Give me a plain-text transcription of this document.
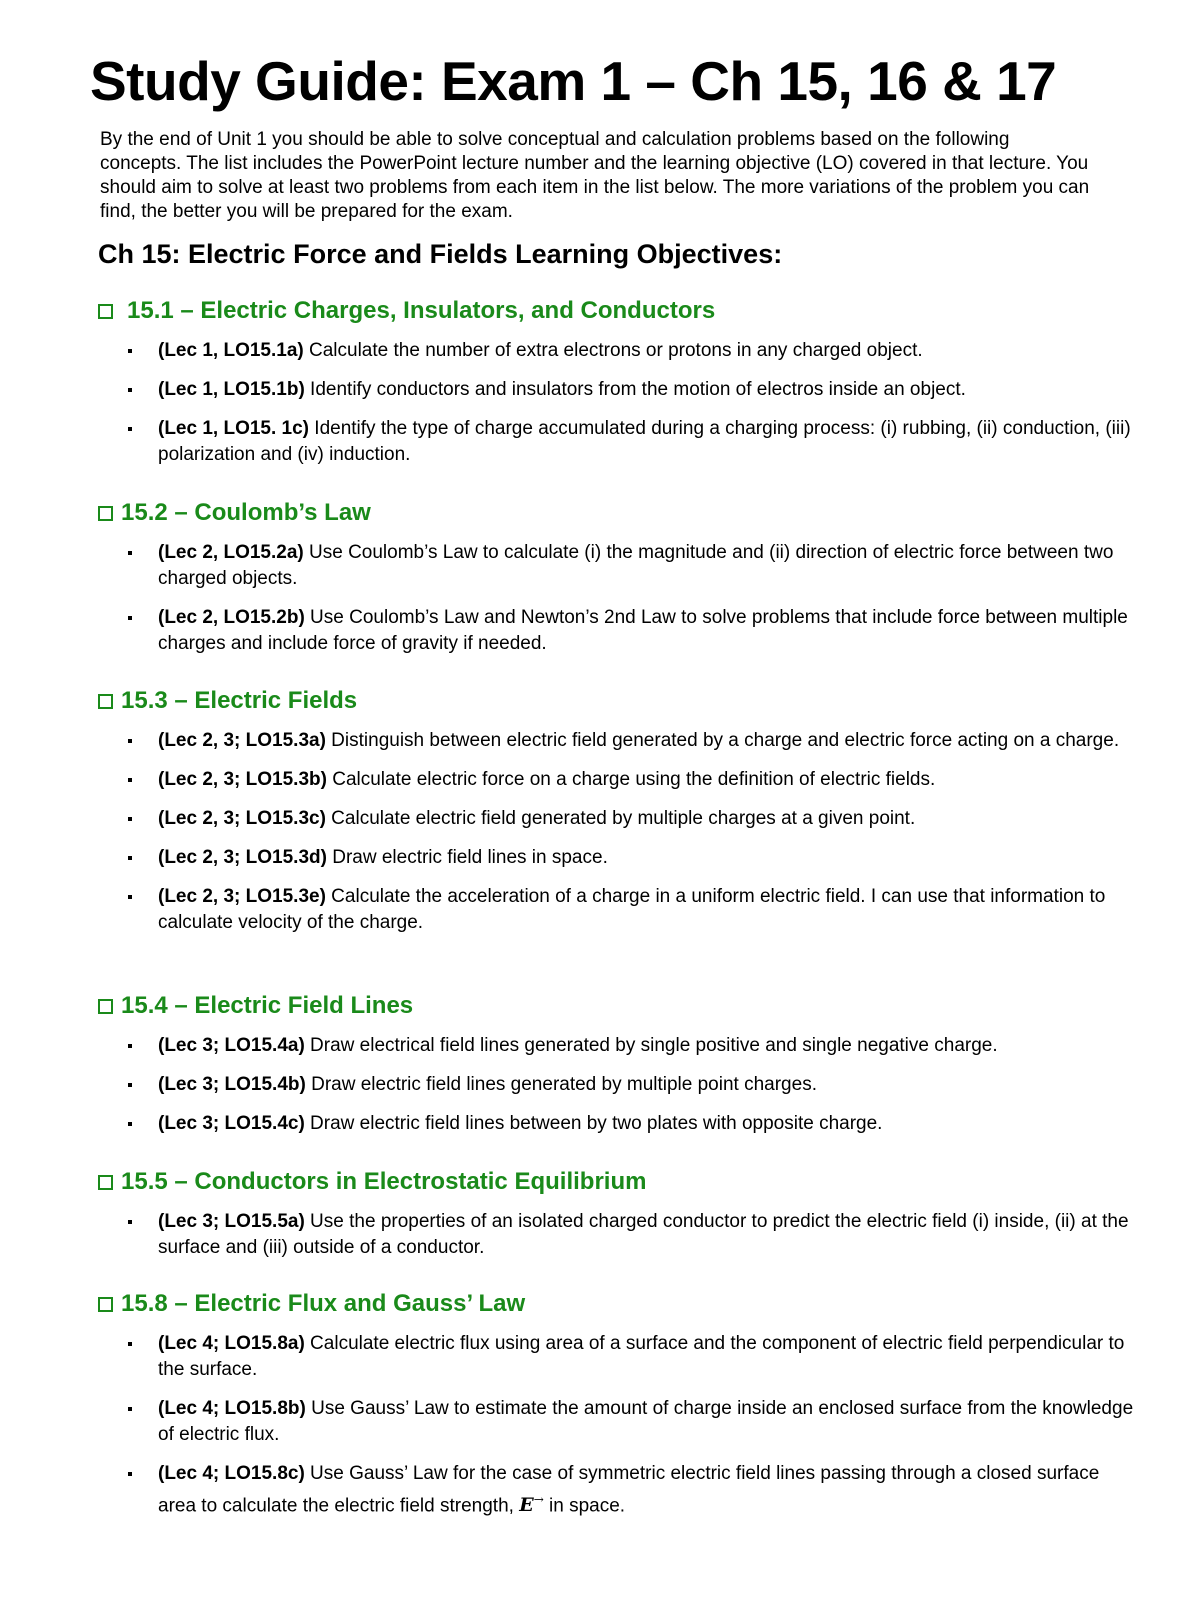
Study Guide: Exam 1 – Ch 15, 16 & 17

By the end of Unit 1 you should be able to solve conceptual and calculation problems based on the following concepts. The list includes the PowerPoint lecture number and the learning objective (LO) covered in that lecture. You should aim to solve at least two problems from each item in the list below. The more variations of the problem you can find, the better you will be prepared for the exam.

Ch 15: Electric Force and Fields Learning Objectives:
15.1 – Electric Charges, Insulators, and Conductors
(Lec 1, LO15.1a) Calculate the number of extra electrons or protons in any charged object.
(Lec 1, LO15.1b) Identify conductors and insulators from the motion of electros inside an object.
(Lec 1, LO15. 1c) Identify the type of charge accumulated during a charging process: (i) rubbing, (ii) conduction, (iii) polarization and (iv) induction.
15.2 – Coulomb’s Law
(Lec 2, LO15.2a) Use Coulomb’s Law to calculate (i) the magnitude and (ii) direction of electric force between two charged objects.
(Lec 2, LO15.2b) Use Coulomb’s Law and Newton’s 2nd Law to solve problems that include force between multiple charges and include force of gravity if needed.
15.3 – Electric Fields
(Lec 2, 3; LO15.3a) Distinguish between electric field generated by a charge and electric force acting on a charge.
(Lec 2, 3; LO15.3b) Calculate electric force on a charge using the definition of electric fields.
(Lec 2, 3; LO15.3c) Calculate electric field generated by multiple charges at a given point.
(Lec 2, 3; LO15.3d) Draw electric field lines in space.
(Lec 2, 3; LO15.3e) Calculate the acceleration of a charge in a uniform electric field. I can use that information to calculate velocity of the charge.
15.4 – Electric Field Lines
(Lec 3; LO15.4a) Draw electrical field lines generated by single positive and single negative charge.
(Lec 3; LO15.4b) Draw electric field lines generated by multiple point charges.
(Lec 3; LO15.4c) Draw electric field lines between by two plates with opposite charge.
15.5 – Conductors in Electrostatic Equilibrium
(Lec 3; LO15.5a) Use the properties of an isolated charged conductor to predict the electric field (i) inside, (ii) at the surface and (iii) outside of a conductor.
15.8 – Electric Flux and Gauss’ Law
(Lec 4; LO15.8a) Calculate electric flux using area of a surface and the component of electric field perpendicular to the surface.
(Lec 4; LO15.8b) Use Gauss’ Law to estimate the amount of charge inside an enclosed surface from the knowledge of electric flux.
(Lec 4; LO15.8c) Use Gauss’ Law for the case of symmetric electric field lines passing through a closed surface area to calculate the electric field strength, E→ in space.
